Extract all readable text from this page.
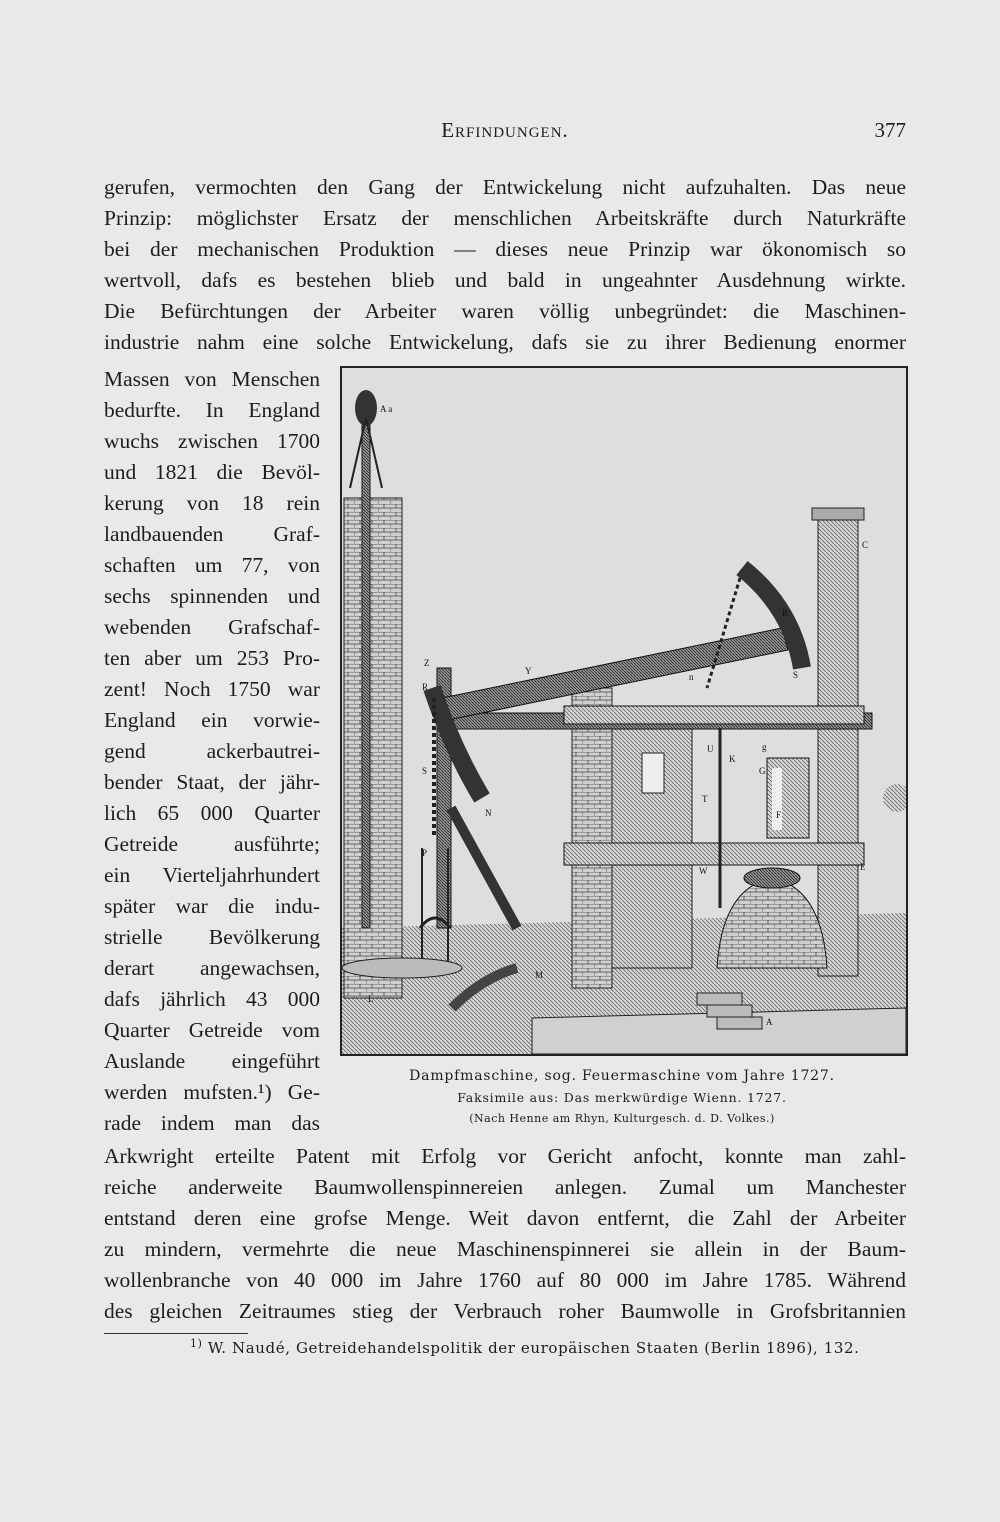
Erfindungen.	377
gerufen, vermochten den Gang der Entwickelung nicht aufzuhalten. Das neue
Prinzip: möglichster Ersatz der menschlichen Arbeitskräfte durch Naturkräfte
bei der mechanischen Produktion — dieses neue Prinzip war ökonomisch so
wertvoll, dafs es bestehen blieb und bald in ungeahnter Ausdehnung wirkte.
Die Befürchtungen der Arbeiter waren völlig unbegründet: die Maschinen-
industrie nahm eine solche Entwickelung, dafs sie zu ihrer Bedienung enormer
Massen von Menschen
bedurfte. In England
wuchs zwischen 1700
und 1821 die Bevöl-
kerung von 18 rein
landbauenden Graf-
schaften um 77, von
sechs spinnenden und
webenden Grafschaf-
ten aber um 253 Pro-
zent! Noch 1750 war
England ein vorwie-
gend ackerbautrei-
bender Staat, der jähr-
lich 65 000 Quarter
Getreide ausführte;
ein Vierteljahrhundert
später war die indu-
strielle Bevölkerung
derart angewachsen,
dafs jährlich 43 000
Quarter Getreide vom
Auslande eingeführt
werden mufsten.¹) Ge-
rade indem man das
A a
C
R
Z
Y
R
S
n
U
K
G
g
S
N
T
F
P
W	E
M
L
A
Dampfmaschine, sog. Feuermaschine vom Jahre 1727.
Faksimile aus: Das merkwürdige Wienn. 1727.
(Nach Henne am Rhyn, Kulturgesch. d. D. Volkes.)
Arkwright erteilte Patent mit Erfolg vor Gericht anfocht, konnte man zahl-
reiche anderweite Baumwollenspinnereien anlegen. Zumal um Manchester
entstand deren eine grofse Menge. Weit davon entfernt, die Zahl der Arbeiter
zu mindern, vermehrte die neue Maschinenspinnerei sie allein in der Baum-
wollenbranche von 40 000 im Jahre 1760 auf 80 000 im Jahre 1785. Während
des gleichen Zeitraumes stieg der Verbrauch roher Baumwolle in Grofsbritannien
$^{1)}$ W. Naudé, Getreidehandelspolitik der europäischen Staaten (Berlin 1896), 132.
